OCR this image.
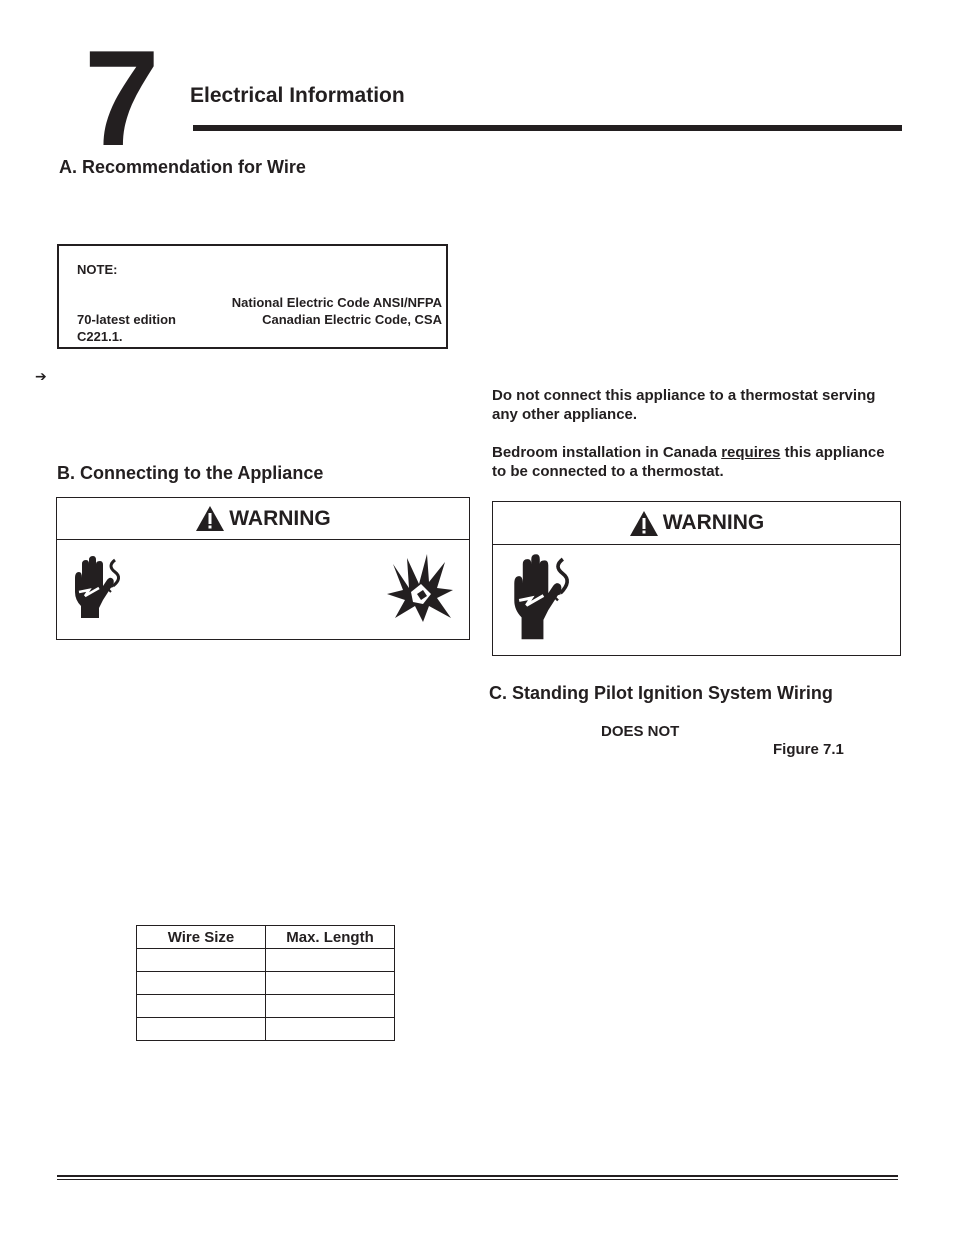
7 Electrical Information
A. Recommendation for Wire
NOTE:
National Electric Code ANSI/NFPA
70-latest edition	Canadian Electric Code, CSA
C221.1.
➔
Do not connect this appliance to a thermostat serving
any other appliance.
Bedroom installation in Canada requires this appliance
to be connected to a thermostat.
B. Connecting to the Appliance
WARNING	WARNING
C. Standing Pilot Ignition System Wiring
DOES NOT
Figure 7.1
Wire Size	Max. Length
